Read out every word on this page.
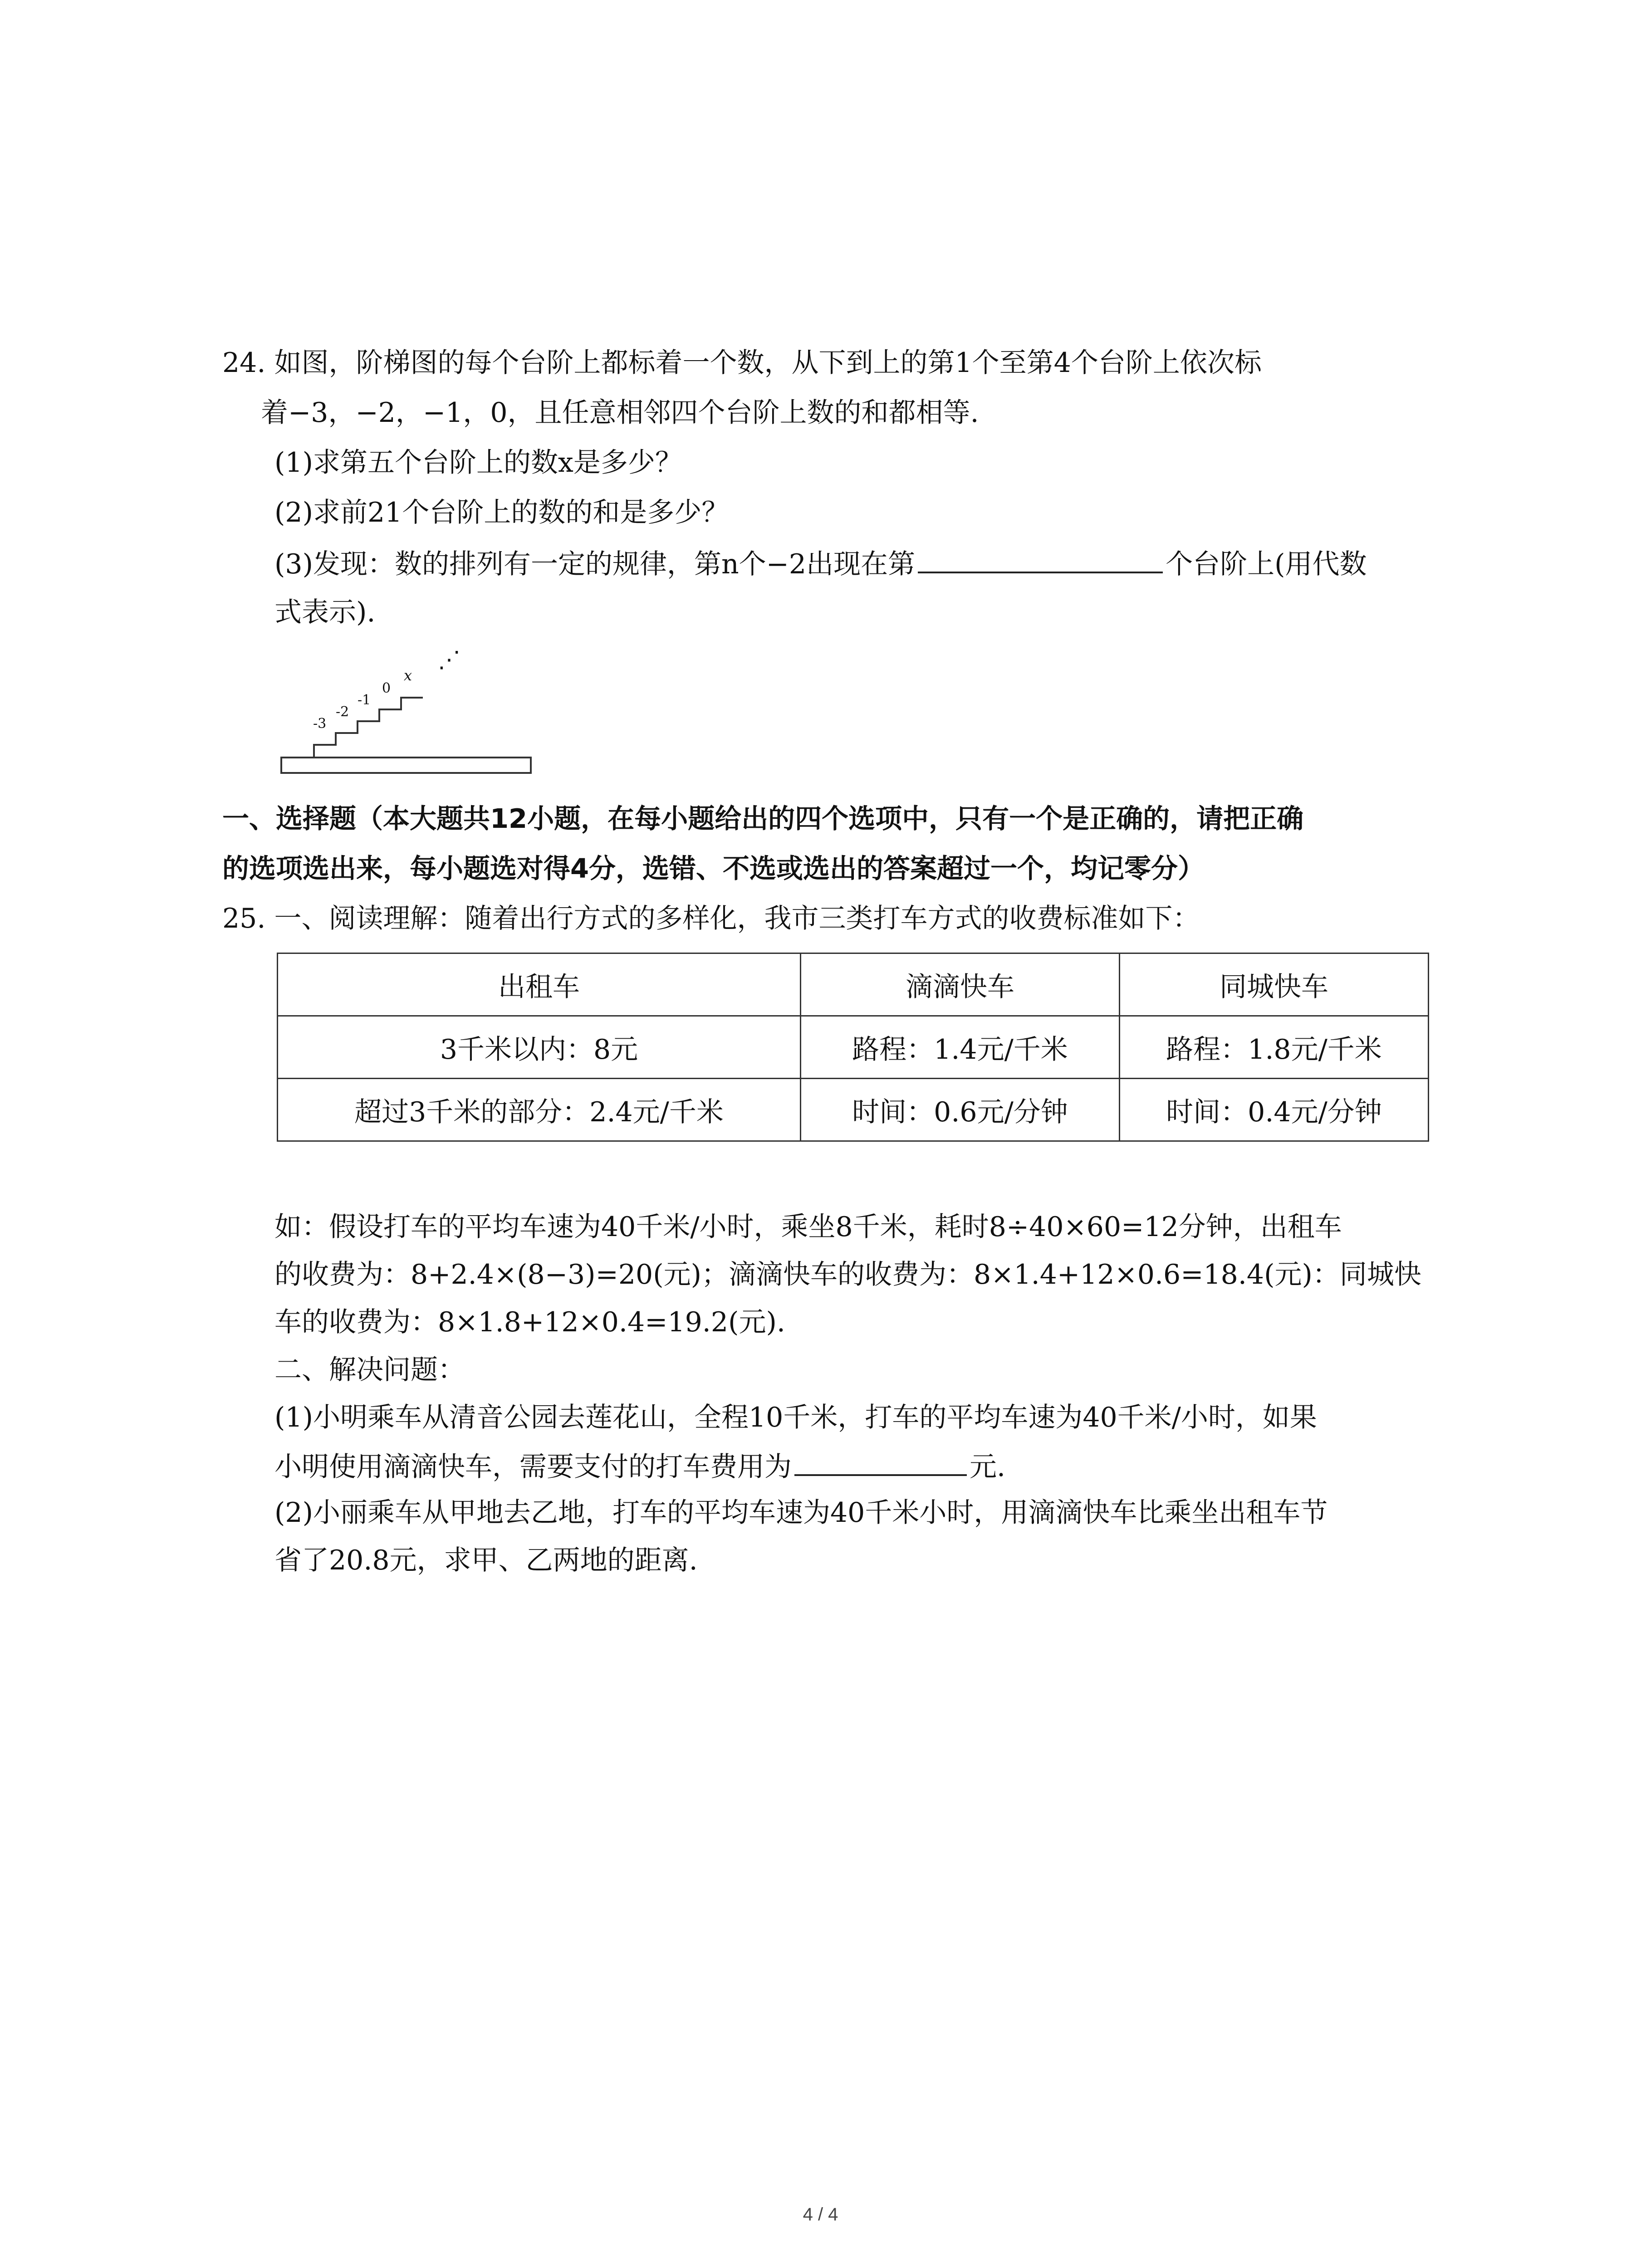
24. 如图，阶梯图的每个台阶上都标着一个数，从下到上的第1个至第4个台阶上依次标
着−3，−2，−1，0，且任意相邻四个台阶上数的和都相等.
(1)求第五个台阶上的数x是多少？
(2)求前21个台阶上的数的和是多少？
(3)发现：数的排列有一定的规律，第n个−2出现在第	个台阶上(用代数
式表示).
-3
-2
-1
0
x
⋰
一、选择题（本大题共12小题，在每小题给出的四个选项中，只有一个是正确的，请把正确
的选项选出来，每小题选对得4分，选错、不选或选出的答案超过一个，均记零分）
25. 一、阅读理解：随着出行方式的多样化，我市三类打车方式的收费标准如下：
出租车	滴滴快车	同城快车
3千米以内：8元	路程：1.4元/千米	路程：1.8元/千米
超过3千米的部分：2.4元/千米	时间：0.6元/分钟	时间：0.4元/分钟
如：假设打车的平均车速为40千米/小时，乘坐8千米，耗时8÷40×60=12分钟，出租车
的收费为：8+2.4×(8−3)=20(元)；滴滴快车的收费为：8×1.4+12×0.6=18.4(元)：同城快
车的收费为：8×1.8+12×0.4=19.2(元).
二、解决问题：
(1)小明乘车从清音公园去莲花山，全程10千米，打车的平均车速为40千米/小时，如果
小明使用滴滴快车，需要支付的打车费用为	元.
(2)小丽乘车从甲地去乙地，打车的平均车速为40千米小时，用滴滴快车比乘坐出租车节
省了20.8元，求甲、乙两地的距离.
4 / 4
